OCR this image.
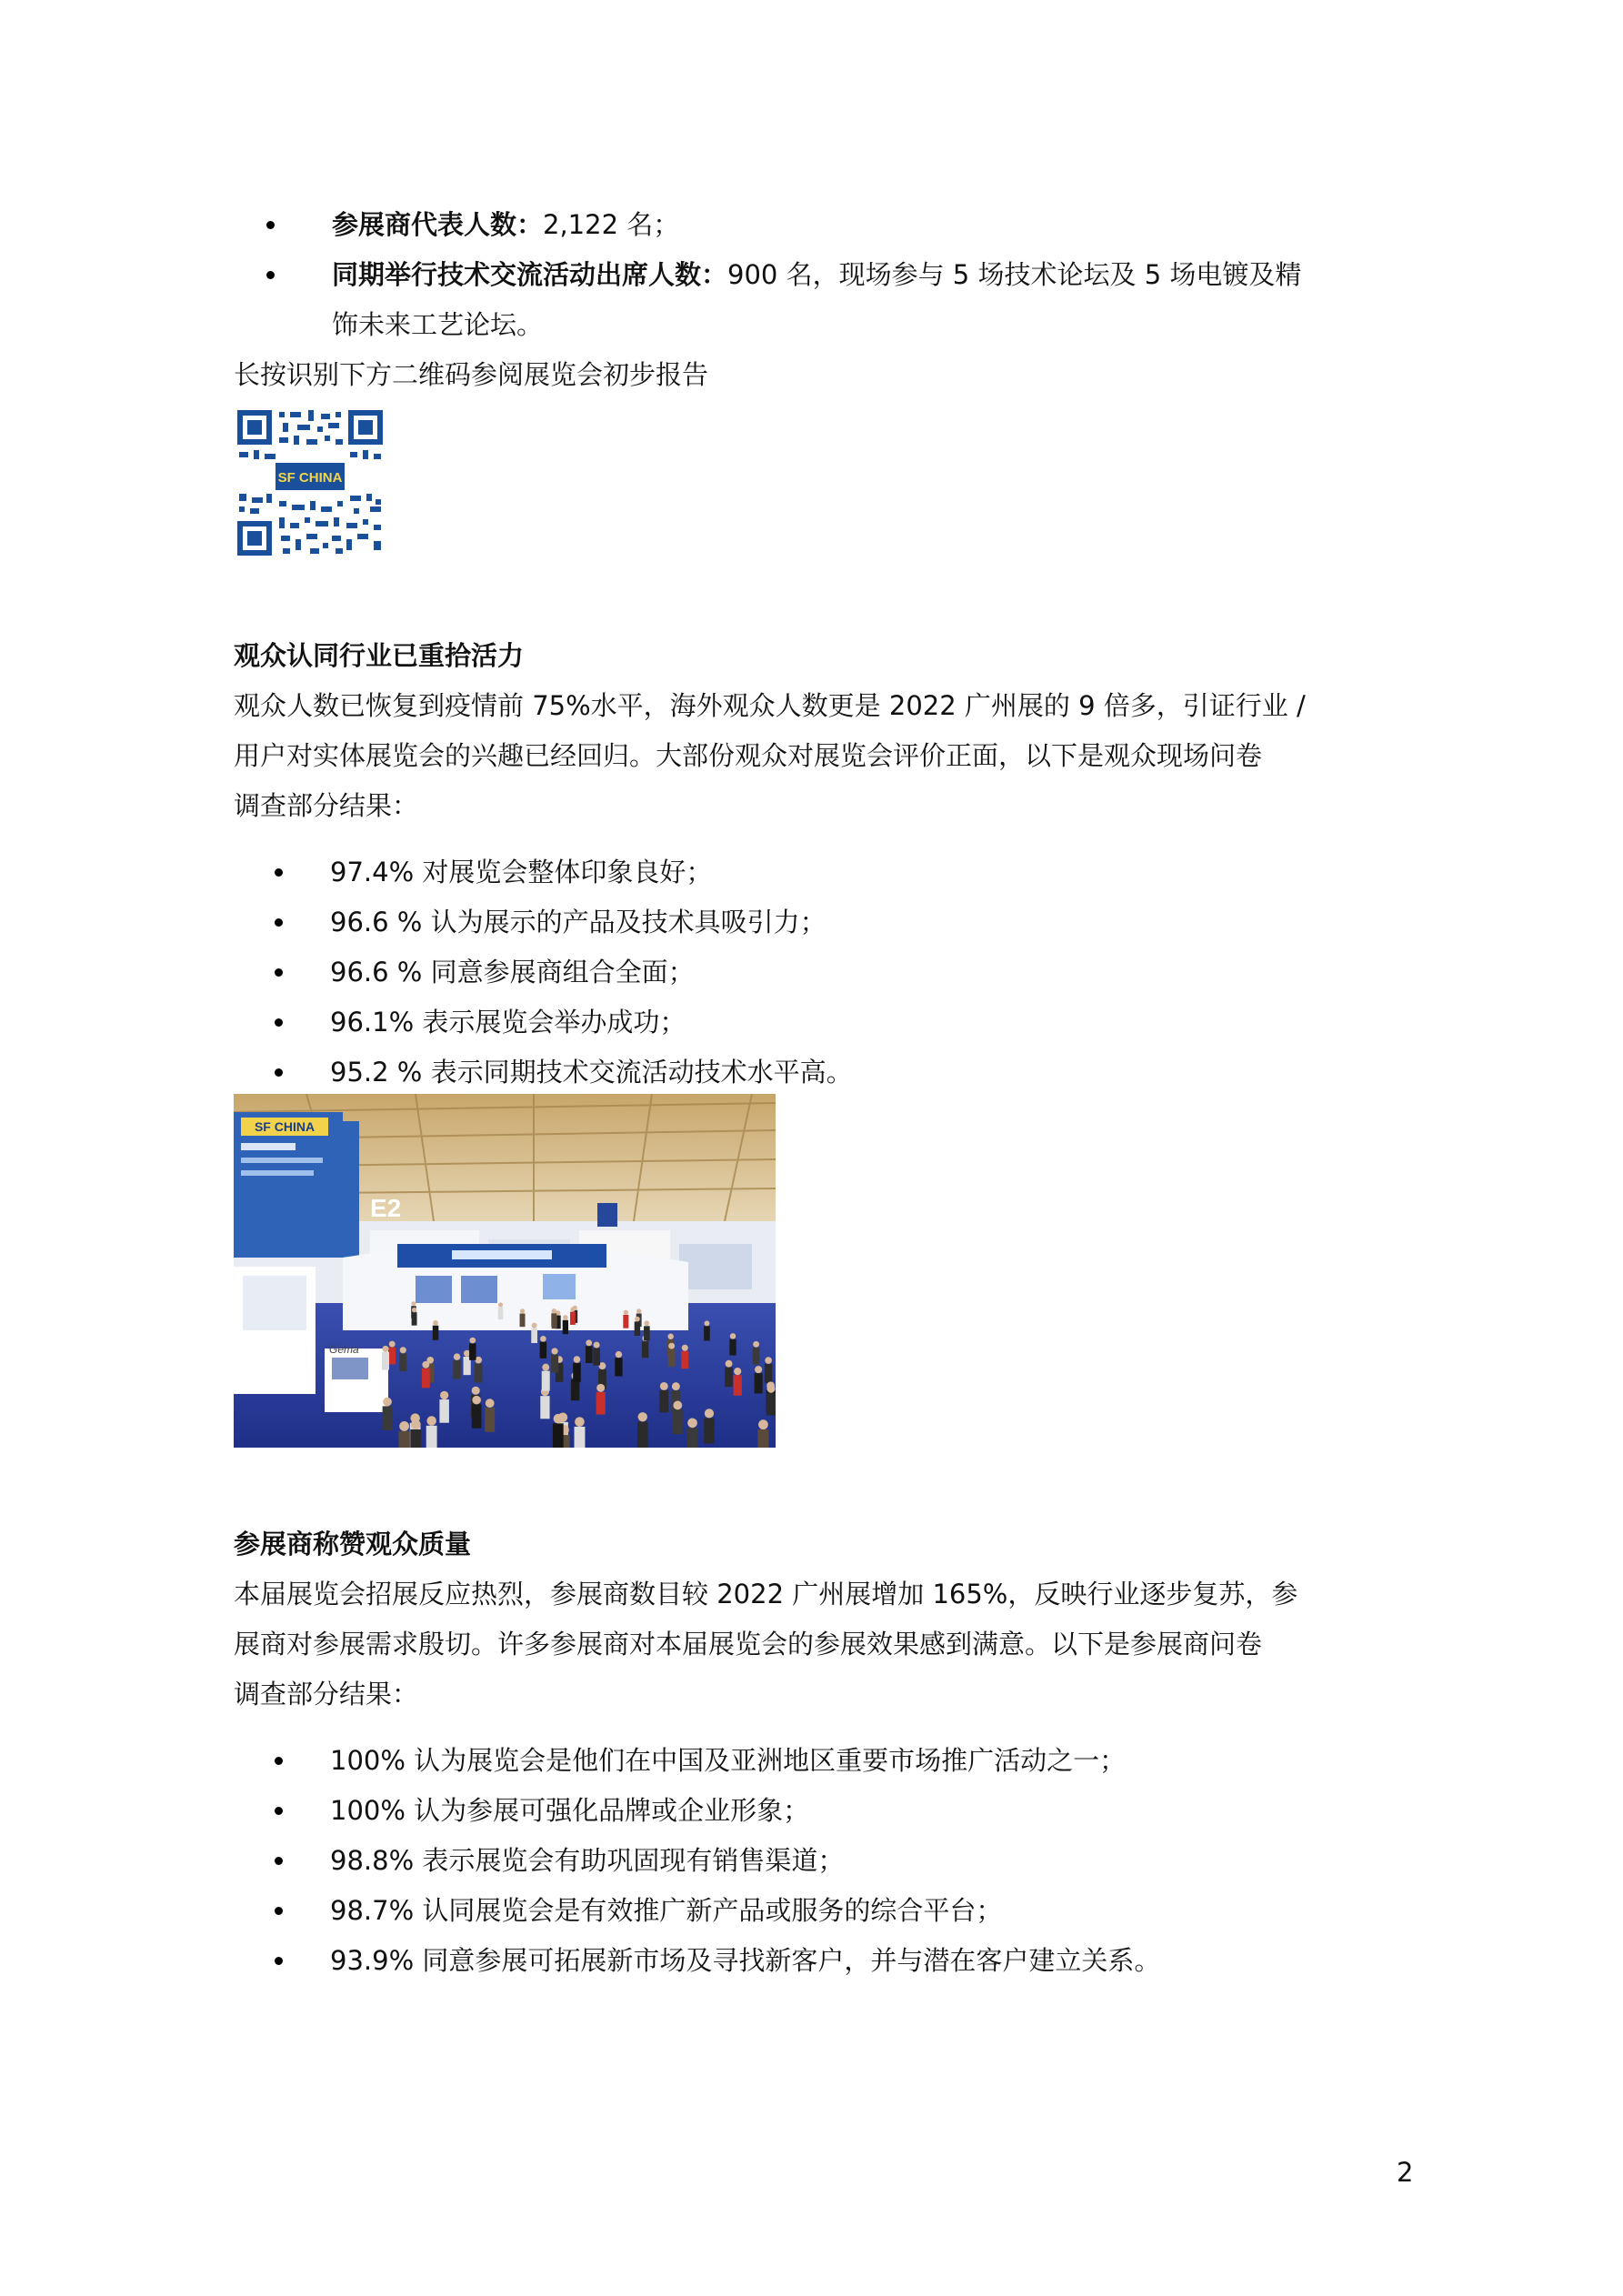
参展商代表人数：2,122 名；
同期举行技术交流活动出席人数：900 名，现场参与 5 场技术论坛及 5 场电镀及精
饰未来工艺论坛。

长按识别下方二维码参阅展览会初步报告

SF CHINA
观众认同行业已重拾活力

观众人数已恢复到疫情前 75%水平，海外观众人数更是 2022 广州展的 9 倍多，引证行业 /

用户对实体展览会的兴趣已经回归。大部份观众对展览会评价正面，以下是观众现场问卷

调查部分结果：

97.4% 对展览会整体印象良好；
96.6 % 认为展示的产品及技术具吸引力；
96.6 % 同意参展商组合全面；
96.1% 表示展览会举办成功；
95.2 % 表示同期技术交流活动技术水平高。
SF CHINA
E2
Gema
参展商称赞观众质量

本届展览会招展反应热烈，参展商数目较 2022 广州展增加 165%，反映行业逐步复苏，参

展商对参展需求殷切。许多参展商对本届展览会的参展效果感到满意。以下是参展商问卷

调查部分结果：

100% 认为展览会是他们在中国及亚洲地区重要市场推广活动之一；
100% 认为参展可强化品牌或企业形象；
98.8% 表示展览会有助巩固现有销售渠道；
98.7% 认同展览会是有效推广新产品或服务的综合平台；
93.9% 同意参展可拓展新市场及寻找新客户，并与潜在客户建立关系。
2
